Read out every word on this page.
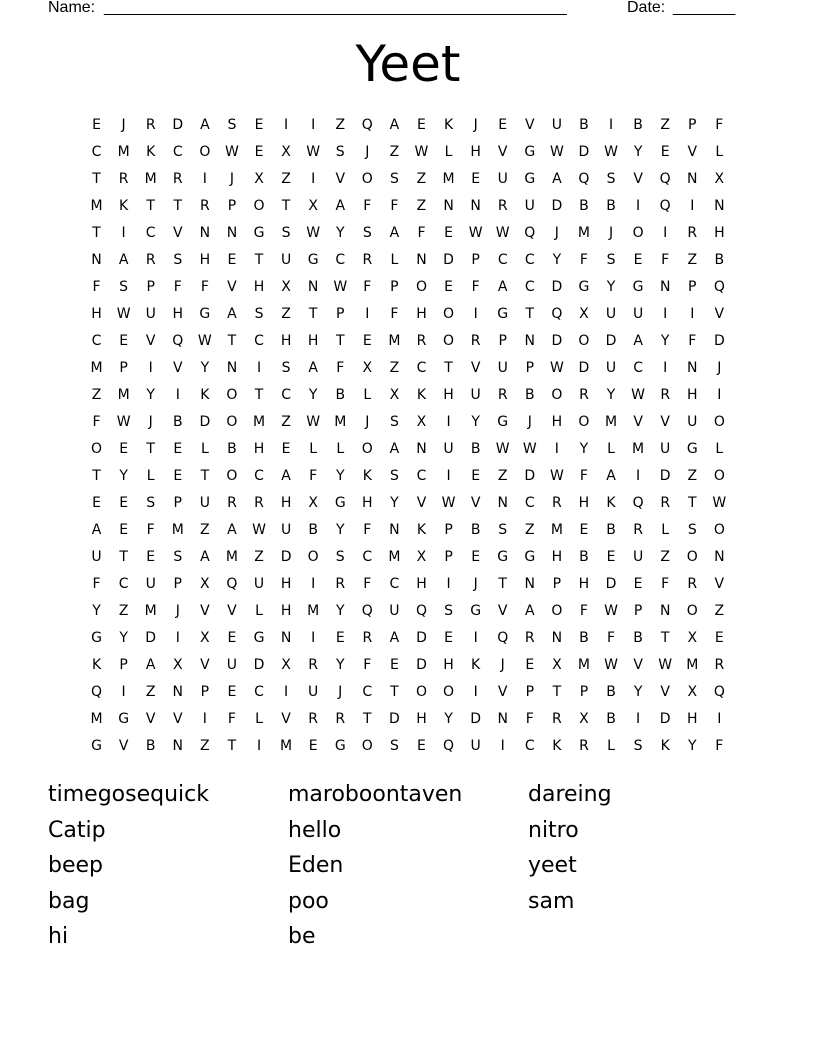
Name: ____________________________________________________	Date: _______
Yeet
E	J	R	D	A	S	E	I	I	Z	Q	A	E	K	J	E	V	U	B	I	B	Z	P	F
C	M	K	C	O	W	E	X	W	S	J	Z	W	L	H	V	G	W	D	W	Y	E	V	L
T	R	M	R	I	J	X	Z	I	V	O	S	Z	M	E	U	G	A	Q	S	V	Q	N	X
M	K	T	T	R	P	O	T	X	A	F	F	Z	N	N	R	U	D	B	B	I	Q	I	N
T	I	C	V	N	N	G	S	W	Y	S	A	F	E	W W	Q	J	M	J	O	I	R	H
N	A	R	S	H	E	T	U	G	C	R	L	N	D	P	C	C	Y	F	S	E	F	Z	B
F	S	P	F	F	V	H	X	N	W	F	P	O	E	F	A	C	D	G	Y	G	N	P	Q
H	W	U	H	G	A	S	Z	T	P	I	F	H	O	I	G	T	Q	X	U	U	I	I	V
C	E	V	Q	W	T	C	H	H	T	E	M	R	O	R	P	N	D	O	D	A	Y	F	D
M	P	I	V	Y	N	I	S	A	F	X	Z	C	T	V	U	P	W	D	U	C	I	N	J
Z	M	Y	I	K	O	T	C	Y	B	L	X	K	H	U	R	B	O	R	Y	W	R	H	I
F	W	J	B	D	O	M	Z	W	M	J	S	X	I	Y	G	J	H	O	M	V	V	U	O
O	E	T	E	L	B	H	E	L	L	O	A	N	U	B	W W	I	Y	L	M	U	G	L
T	Y	L	E	T	O	C	A	F	Y	K	S	C	I	E	Z	D	W	F	A	I	D	Z	O
E	E	S	P	U	R	R	H	X	G	H	Y	V	W	V	N	C	R	H	K	Q	R	T	W
A	E	F	M	Z	A	W	U	B	Y	F	N	K	P	B	S	Z	M	E	B	R	L	S	O
U	T	E	S	A	M	Z	D	O	S	C	M	X	P	E	G	G	H	B	E	U	Z	O	N
F	C	U	P	X	Q	U	H	I	R	F	C	H	I	J	T	N	P	H	D	E	F	R	V
Y	Z	M	J	V	V	L	H	M	Y	Q	U	Q	S	G	V	A	O	F	W	P	N	O	Z
G	Y	D	I	X	E	G	N	I	E	R	A	D	E	I	Q	R	N	B	F	B	T	X	E
K	P	A	X	V	U	D	X	R	Y	F	E	D	H	K	J	E	X	M	W	V	W	M	R
Q	I	Z	N	P	E	C	I	U	J	C	T	O	O	I	V	P	T	P	B	Y	V	X	Q
M	G	V	V	I	F	L	V	R	R	T	D	H	Y	D	N	F	R	X	B	I	D	H	I
G	V	B	N	Z	T	I	M	E	G	O	S	E	Q	U	I	C	K	R	L	S	K	Y	F
timegosequick	maroboontaven	dareing
Catip	hello	nitro
beep	Eden	yeet
bag	poo	sam
hi	be
